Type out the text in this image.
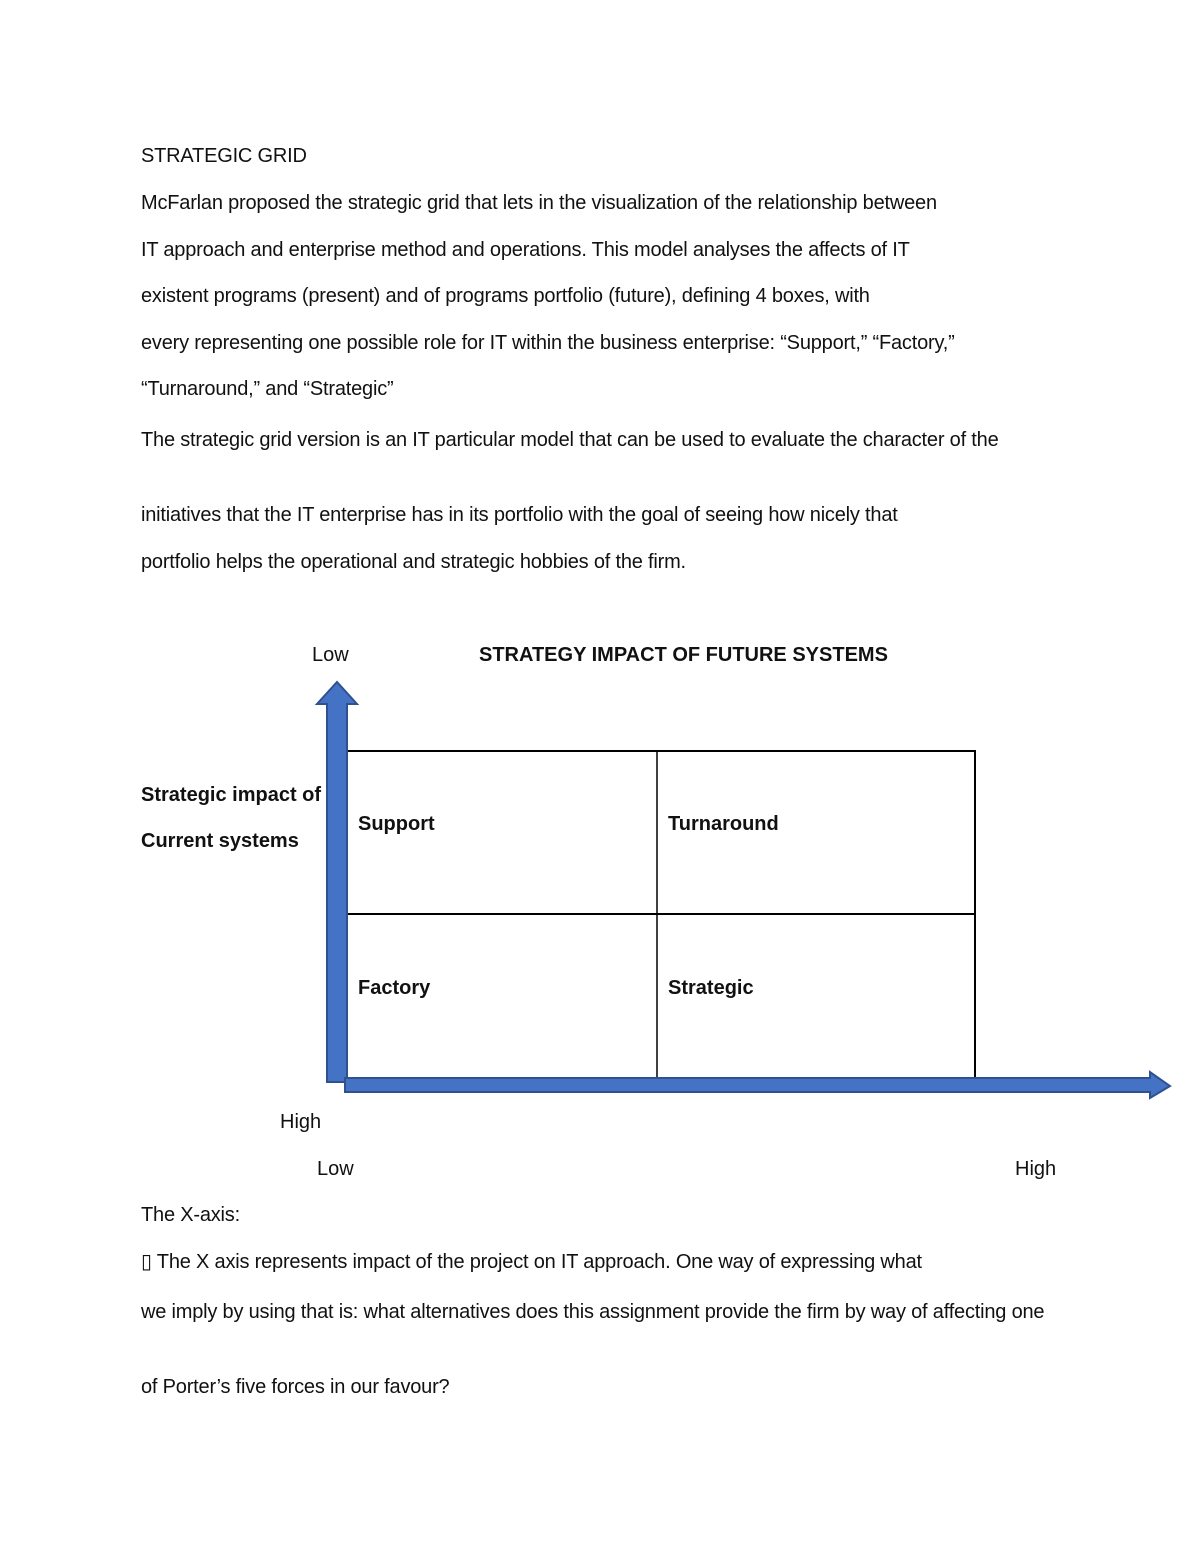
STRATEGIC GRID
McFarlan proposed the strategic grid that lets in the visualization of the relationship between
IT approach and enterprise method and operations. This model analyses the affects of IT
existent programs (present) and of programs portfolio (future), defining 4 boxes, with
every representing one possible role for IT within the business enterprise: “Support,” “Factory,”
“Turnaround,” and “Strategic”
The strategic grid version is an IT particular model that can be used to evaluate the character of the
initiatives that the IT enterprise has in its portfolio with the goal of seeing how nicely that
portfolio helps the operational and strategic hobbies of the firm.
Low	STRATEGY IMPACT OF FUTURE SYSTEMS
Strategic impact of
Current systems
Support	Turnaround
Factory	Strategic
High
Low	High
The X-axis:
▯ The X axis represents impact of the project on IT approach. One way of expressing what
we imply by using that is: what alternatives does this assignment provide the firm by way of affecting one
of Porter’s five forces in our favour?
